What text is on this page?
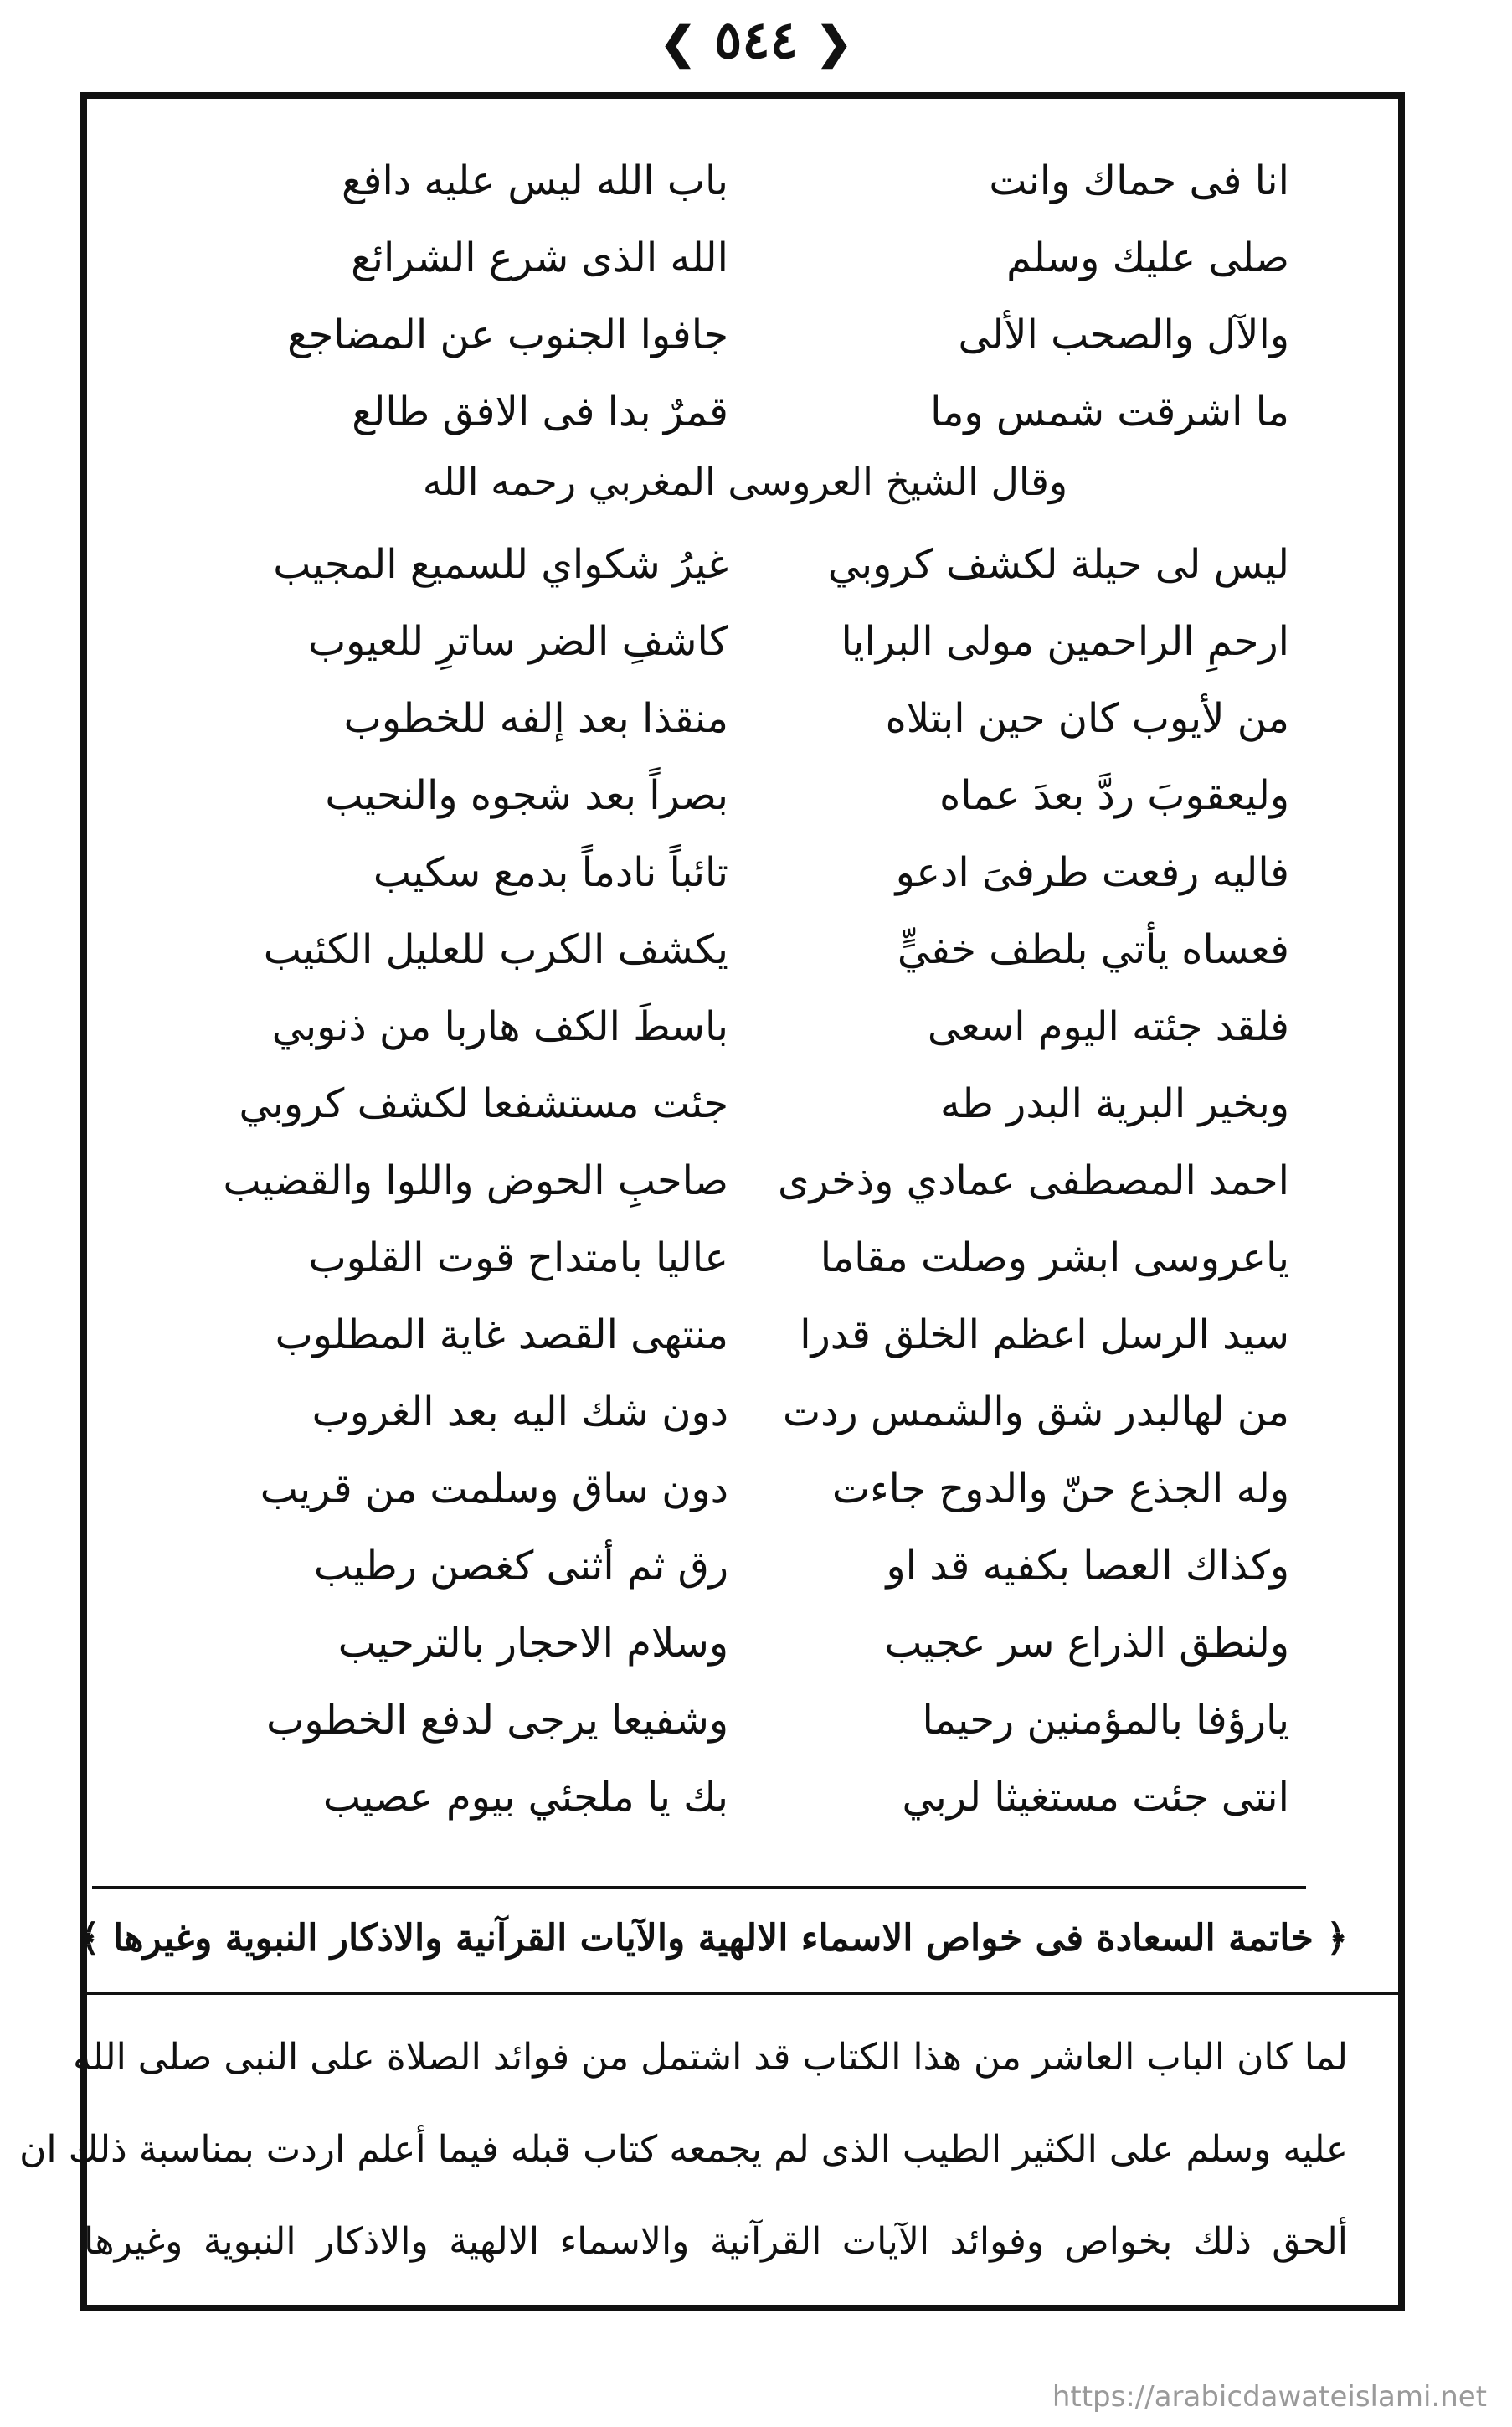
❮ ٥٤٤ ❯
انا فی حماك وانت
باب الله ليس عليه دافع
صلی عليك وسلم
الله الذی شرع الشرائع
والآل والصحب الألی
جافوا الجنوب عن المضاجع
ما اشرقت شمس وما
قمرٌ بدا فی الافق طالع
وقال الشيخ العروسی المغربي رحمه الله
ليس لی حيلة لكشف كروبي
غيرُ شكواي للسميع المجيب
ارحمِ الراحمين مولی البرايا
كاشفِ الضر ساترِ للعيوب
من لأيوب كان حين ابتلاه
منقذا بعد إلفه للخطوب
وليعقوبَ ردَّ بعدَ عماه
بصراً بعد شجوه والنحيب
فاليه رفعت طرفیَ ادعو
تائباً نادماً بدمع سكيب
فعساه يأتي بلطف خفيٍّ
يكشف الكرب للعليل الكئيب
فلقد جئته اليوم اسعی
باسطَ الكف هاربا من ذنوبي
وبخير البرية البدر طه
جئت مستشفعا لكشف كروبي
احمد المصطفی عمادي وذخری
صاحبِ الحوض واللوا والقضيب
ياعروسی ابشر وصلت مقاما
عاليا بامتداح قوت القلوب
سيد الرسل اعظم الخلق قدرا
منتهی القصد غاية المطلوب
من لهالبدر شق والشمس ردت
دون شك اليه بعد الغروب
وله الجذع حنّ والدوح جاءت
دون ساق وسلمت من قريب
وكذاك العصا بكفيه قد او
رق ثم أثنی كغصن رطيب
ولنطق الذراع سر عجيب
وسلام الاحجار بالترحيب
يارؤفا بالمؤمنين رحيما
وشفيعا يرجی لدفع الخطوب
انتی جئت مستغيثا لربي
بك يا ملجئي بيوم عصيب
﴿ خاتمة السعادة فی خواص الاسماء الالهية والآيات القرآنية والاذكار النبوية وغيرها ﴾
لما كان الباب العاشر من هذا الكتاب قد اشتمل من فوائد الصلاة علی النبی صلی الله
عليه وسلم علی الكثير الطيب الذی لم يجمعه كتاب قبله فيما أعلم اردت بمناسبة ذلك ان
ألحق ذلك بخواص وفوائد الآيات القرآنية والاسماء الالهية والاذكار النبوية وغيرها
https://arabicdawateislami.net
